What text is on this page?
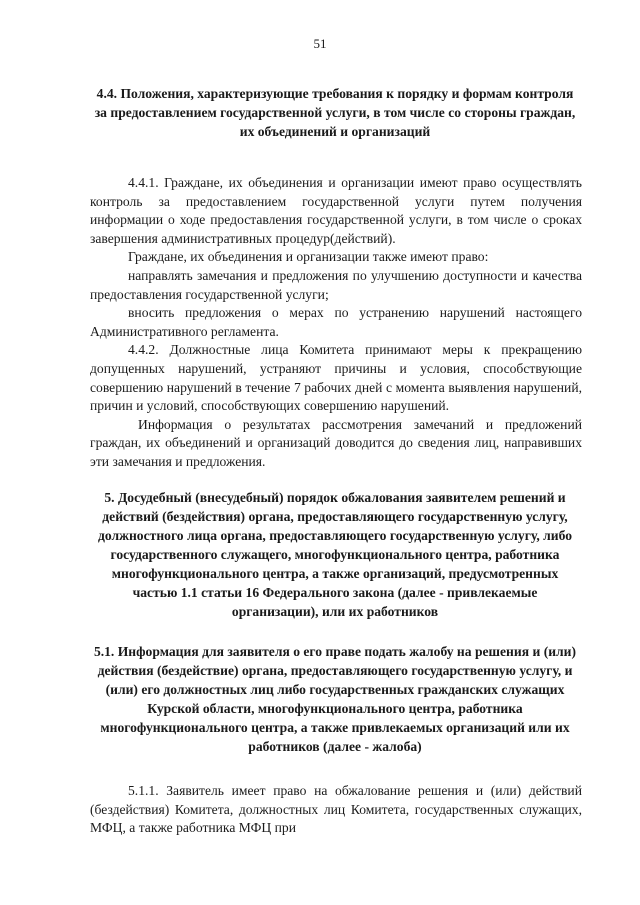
51
4.4. Положения, характеризующие требования к порядку и формам контроля за предоставлением государственной услуги, в том числе со стороны граждан, их объединений и организаций

4.4.1. Граждане, их объединения и организации имеют право осуществлять контроль за предоставлением государственной услуги путем получения информации о ходе предоставления государственной услуги, в том числе о сроках завершения административных процедур(действий).

Граждане, их объединения и организации также имеют право:

направлять замечания и предложения по улучшению доступности и качества предоставления государственной услуги;

вносить предложения о мерах по устранению нарушений настоящего Административного регламента.

4.4.2. Должностные лица Комитета принимают меры к прекращению допущенных нарушений, устраняют причины и условия, способствующие совершению нарушений в течение 7 рабочих дней с момента выявления нарушений, причин и условий, способствующих совершению нарушений.

Информация о результатах рассмотрения замечаний и предложений граждан, их объединений и организаций доводится до сведения лиц, направивших эти замечания и предложения.

5. Досудебный (внесудебный) порядок обжалования заявителем решений и действий (бездействия) органа, предоставляющего государственную услугу, должностного лица органа, предоставляющего государственную услугу, либо государственного служащего, многофункционального центра, работника многофункционального центра, а также организаций, предусмотренных частью 1.1 статьи 16 Федерального закона (далее - привлекаемые организации), или их работников
5.1. Информация для заявителя о его праве подать жалобу на решения и (или) действия (бездействие) органа, предоставляющего государственную услугу, и (или) его должностных лиц либо государственных гражданских служащих Курской области, многофункционального центра, работника многофункционального центра, а также привлекаемых организаций или их работников (далее - жалоба)

5.1.1. Заявитель имеет право на обжалование решения и (или) действий (бездействия) Комитета, должностных лиц Комитета, государственных служащих, МФЦ, а также работника МФЦ при
